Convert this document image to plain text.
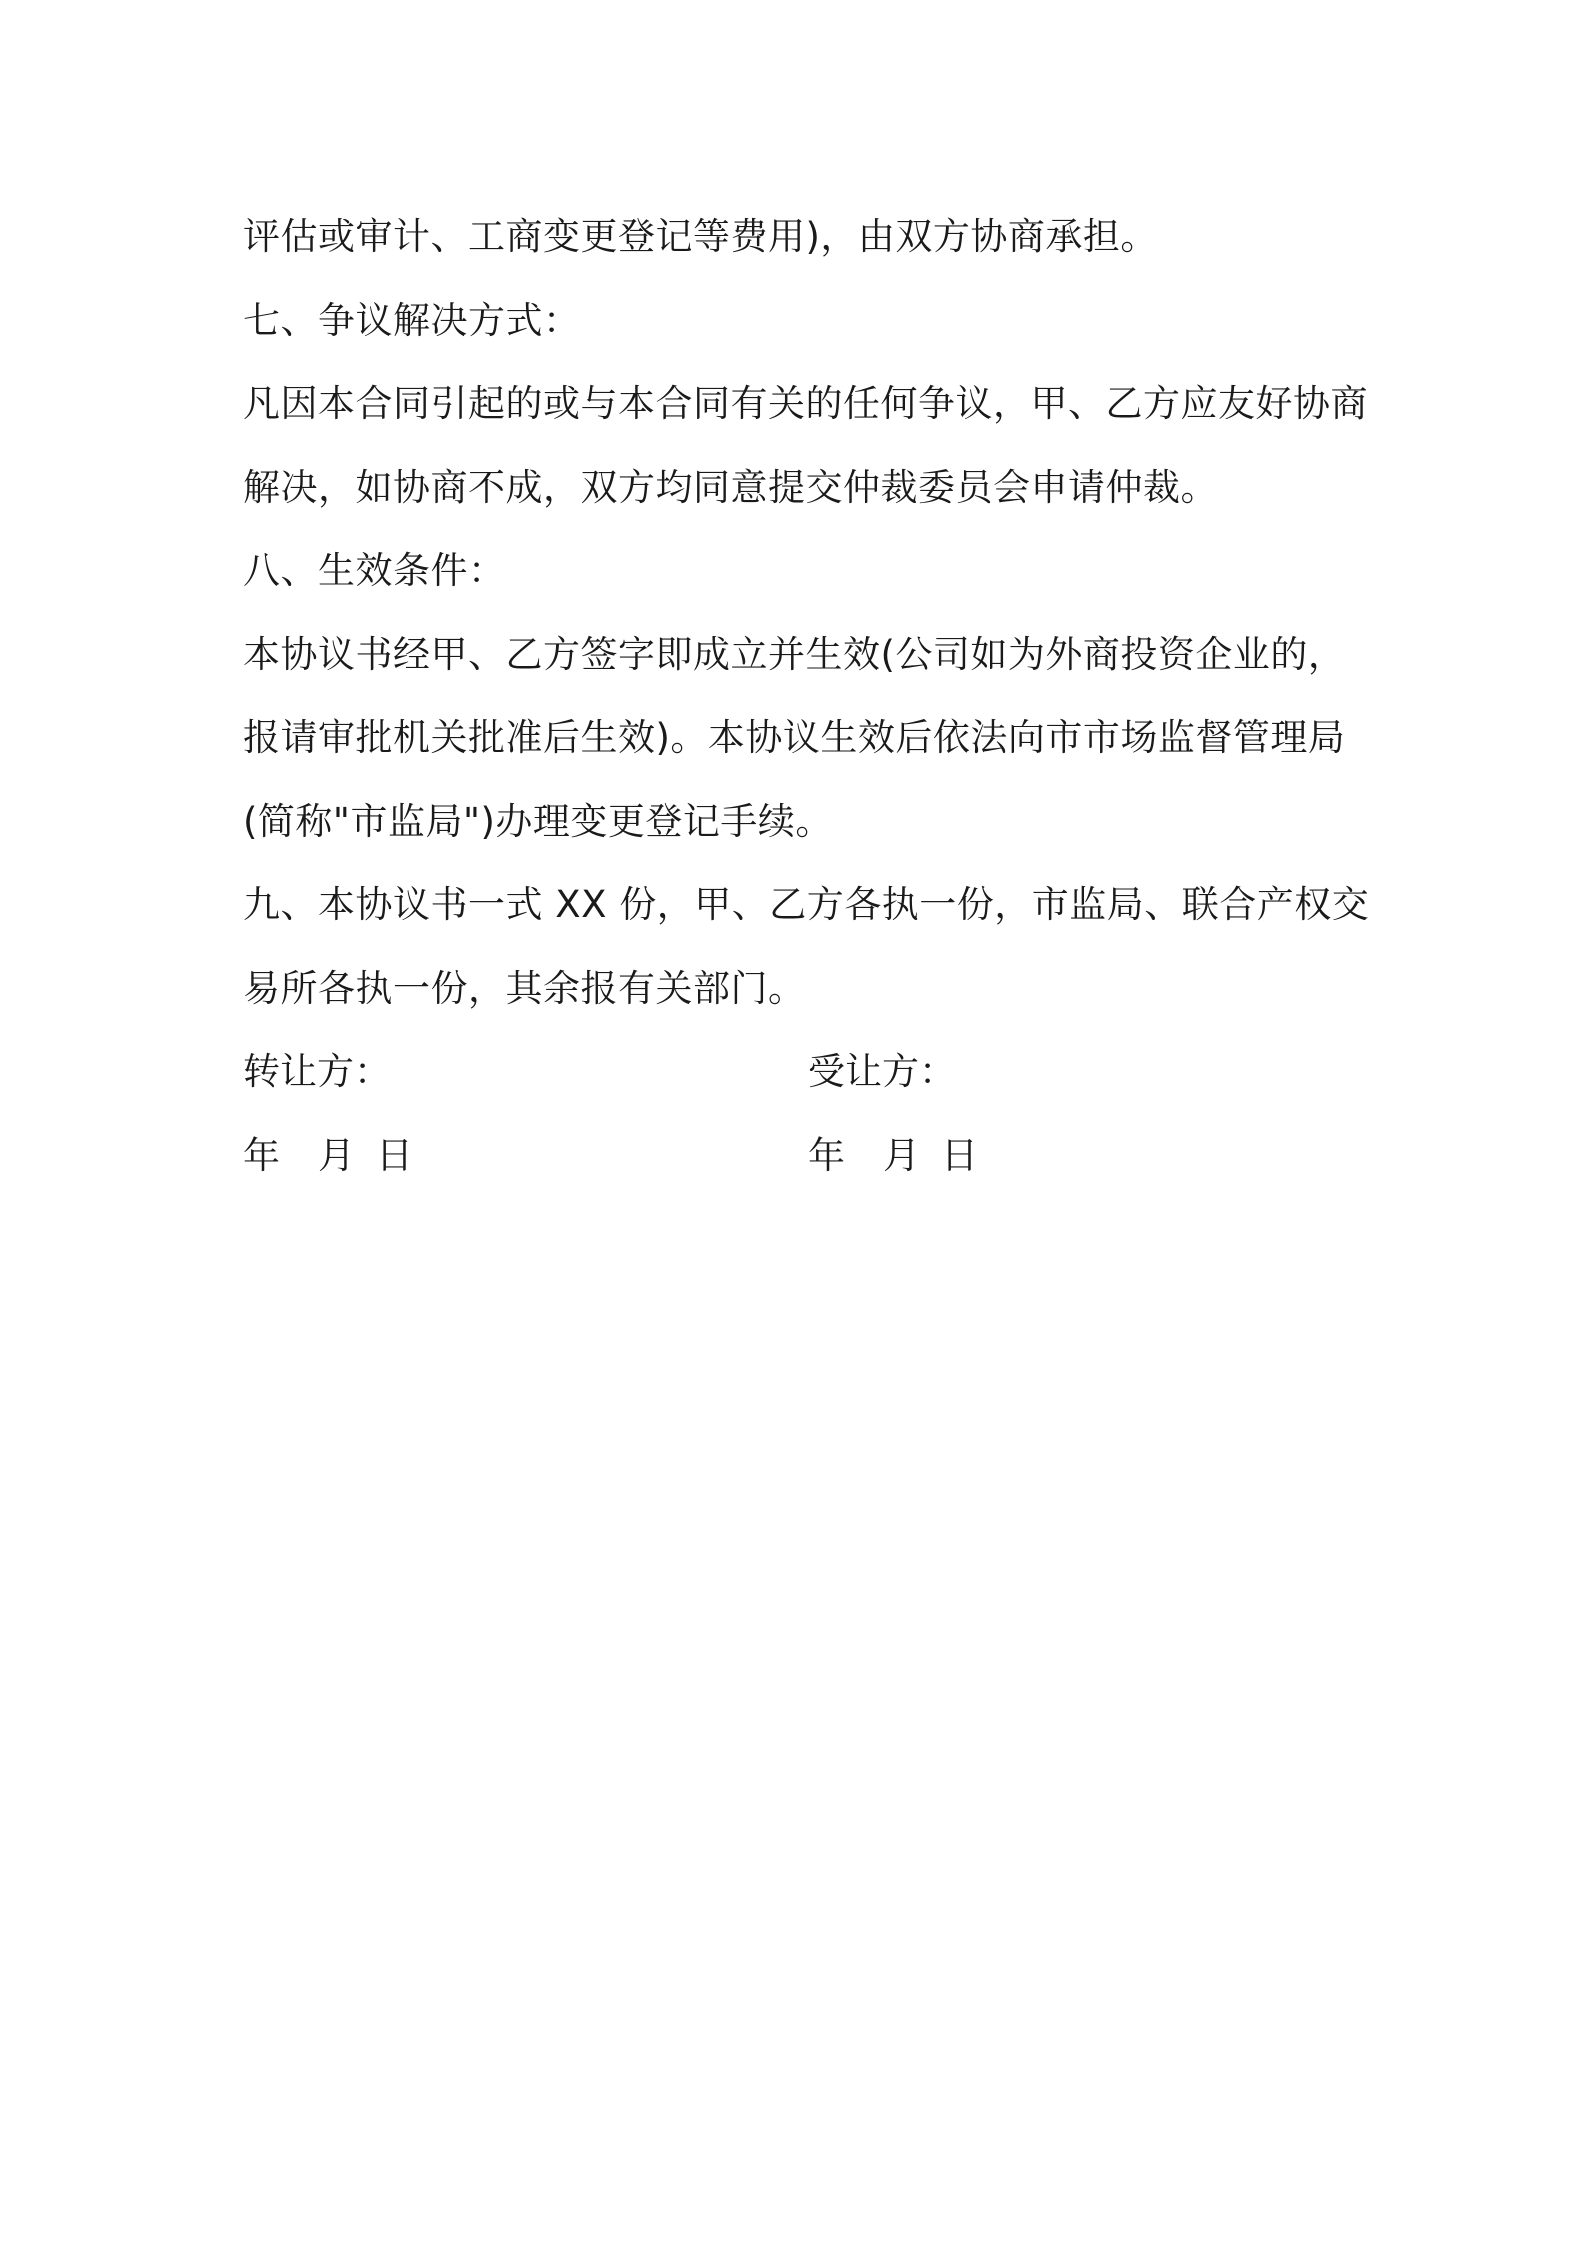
评估或审计、工商变更登记等费用)，由双方协商承担。
七、争议解决方式：
凡因本合同引起的或与本合同有关的任何争议，甲、乙方应友好协商
解决，如协商不成，双方均同意提交仲裁委员会申请仲裁。
八、生效条件：
本协议书经甲、乙方签字即成立并生效(公司如为外商投资企业的，
报请审批机关批准后生效)。本协议生效后依法向市市场监督管理局
(简称"市监局")办理变更登记手续。
九、本协议书一式 XX 份，甲、乙方各执一份，市监局、联合产权交
易所各执一份，其余报有关部门。
转让方：	受让方：
年 月 日	年 月 日
